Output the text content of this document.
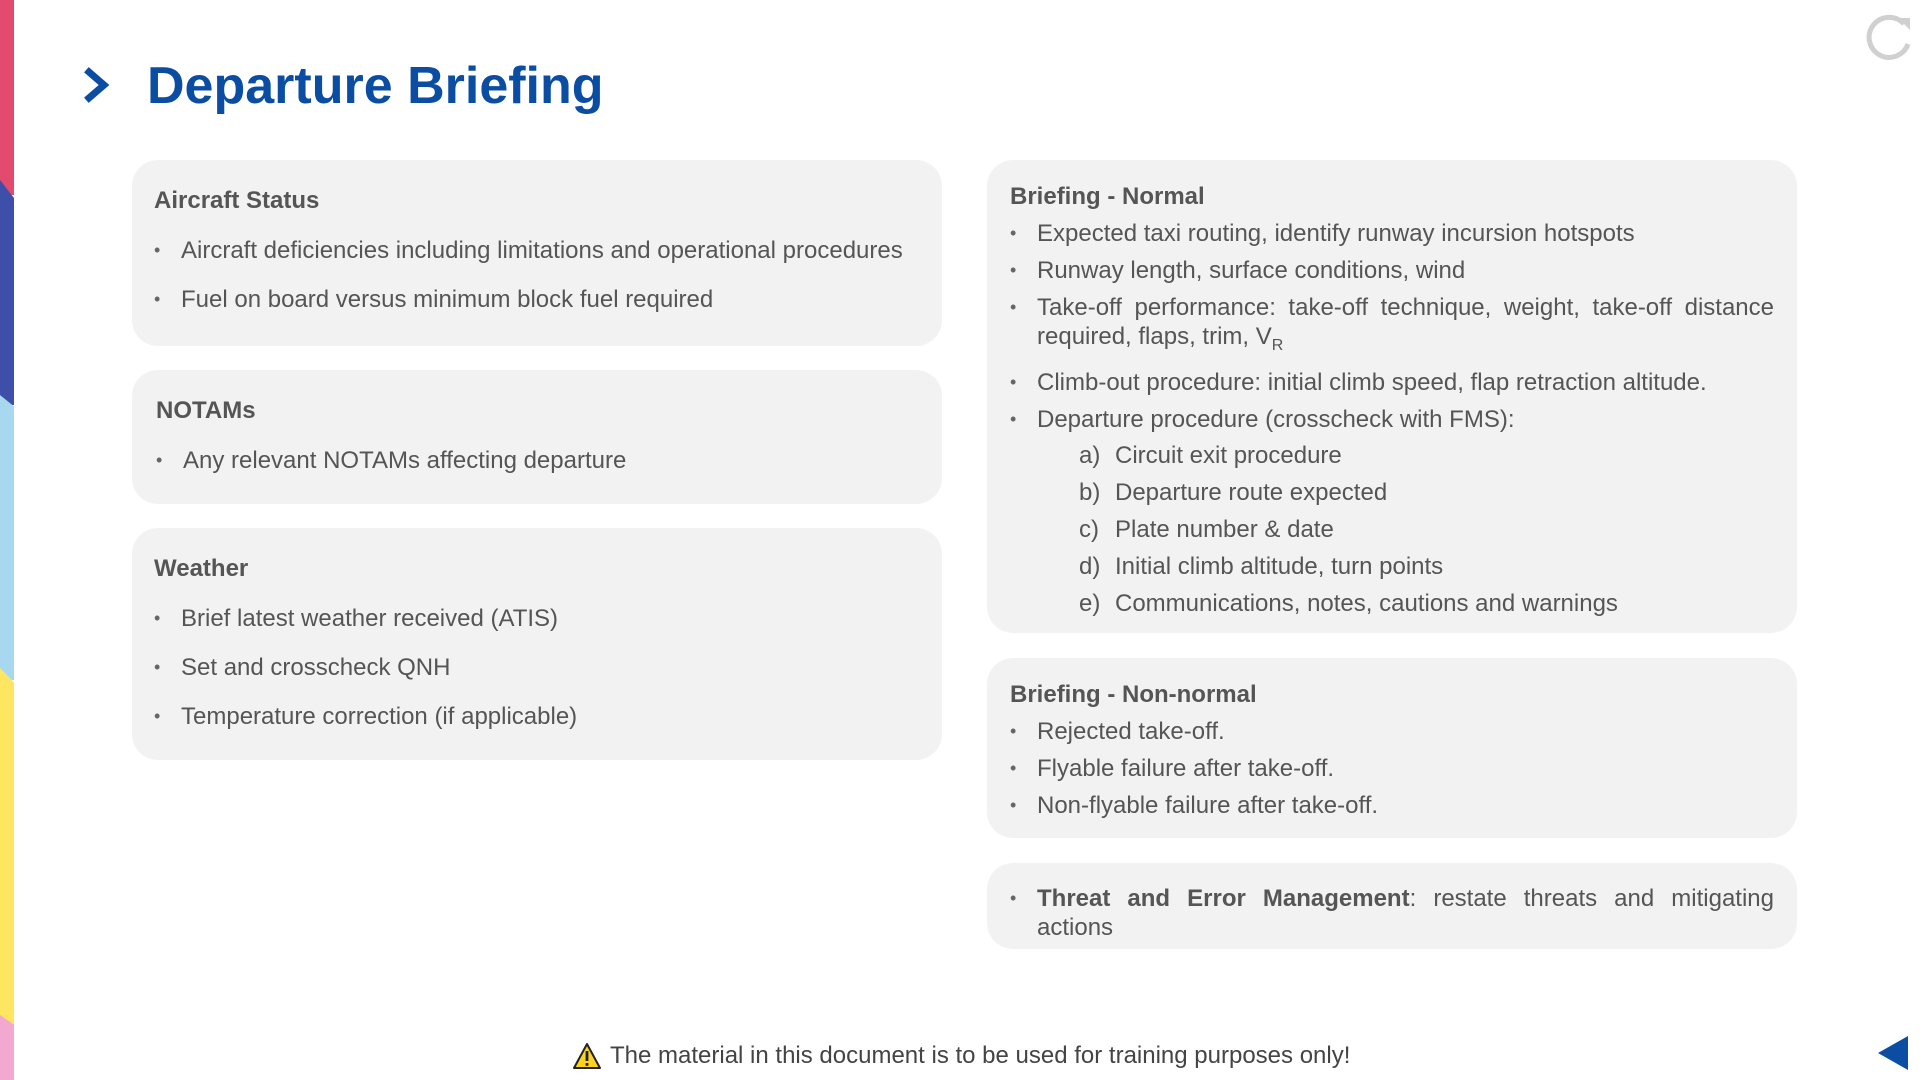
Departure Briefing
Aircraft Status
• Aircraft deficiencies including limitations and operational procedures
• Fuel on board versus minimum block fuel required
NOTAMs
• Any relevant NOTAMs affecting departure
Weather
• Brief latest weather received (ATIS)
• Set and crosscheck QNH
• Temperature correction (if applicable)
Briefing - Normal
• Expected taxi routing, identify runway incursion hotspots
• Runway length, surface conditions, wind
• Take-off performance: take-off technique, weight, take-off distance required, flaps, trim, $V_R$
• Climb-out procedure: initial climb speed, flap retraction altitude.
• Departure procedure (crosscheck with FMS):
a) Circuit exit procedure
b) Departure route expected
c) Plate number & date
d) Initial climb altitude, turn points
e) Communications, notes, cautions and warnings
Briefing - Non-normal
• Rejected take-off.
• Flyable failure after take-off.
• Non-flyable failure after take-off.
• Threat and Error Management: restate threats and mitigating actions
The material in this document is to be used for training purposes only!
